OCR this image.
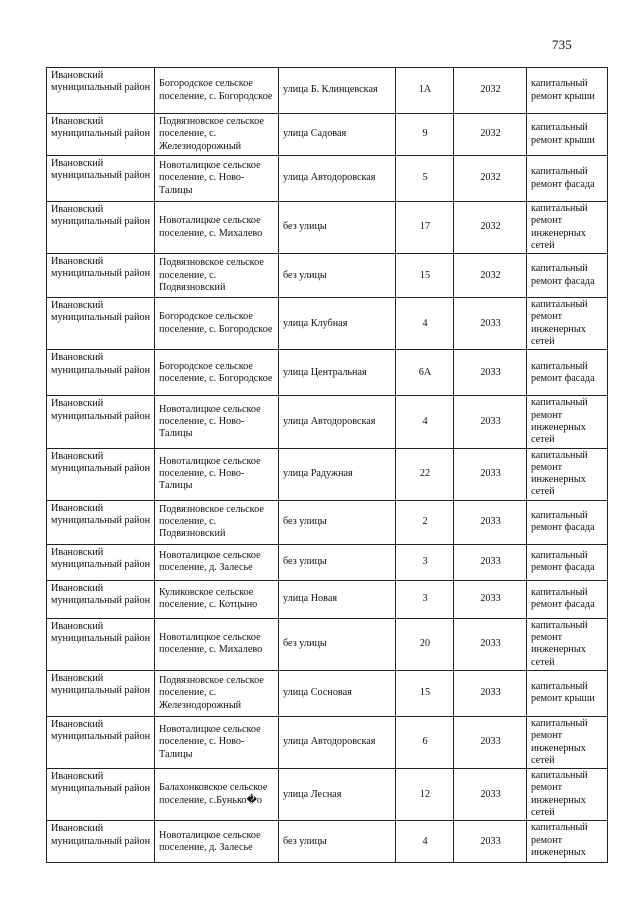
735
Ивановский муниципальный район	Богородское сельское поселение, с. Богородское	улица Б. Клинцевская	1А	2032	капитальный ремонт крыши
Ивановский муниципальный район	Подвязновское сельское поселение, с. Железнодорожный	улица Садовая	9	2032	капитальный ремонт крыши
Ивановский муниципальный район	Новоталицкое сельское поселение, с. Ново-Талицы	улица Автодоровская	5	2032	капитальный ремонт фасада
Ивановский муниципальный район	Новоталицкое сельское поселение, с. Михалево	без улицы	17	2032	капитальный ремонт инженерных сетей
Ивановский муниципальный район	Подвязновское сельское поселение, с. Подвязновский	без улицы	15	2032	капитальный ремонт фасада
Ивановский муниципальный район	Богородское сельское поселение, с. Богородское	улица Клубная	4	2033	капитальный ремонт инженерных сетей
Ивановский муниципальный район	Богородское сельское поселение, с. Богородское	улица Центральная	6А	2033	капитальный ремонт фасада
Ивановский муниципальный район	Новоталицкое сельское поселение, с. Ново-Талицы	улица Автодоровская	4	2033	капитальный ремонт инженерных сетей
Ивановский муниципальный район	Новоталицкое сельское поселение, с. Ново-Талицы	улица Радужная	22	2033	капитальный ремонт инженерных сетей
Ивановский муниципальный район	Подвязновское сельское поселение, с. Подвязновский	без улицы	2	2033	капитальный ремонт фасада
Ивановский муниципальный район	Новоталицкое сельское поселение, д. Залесье	без улицы	3	2033	капитальный ремонт фасада
Ивановский муниципальный район	Куликовское сельское поселение, с. Котцыно	улица Новая	3	2033	капитальный ремонт фасада
Ивановский муниципальный район	Новоталицкое сельское поселение, с. Михалево	без улицы	20	2033	капитальный ремонт инженерных сетей
Ивановский муниципальный район	Подвязновское сельское поселение, с. Железнодорожный	улица Сосновая	15	2033	капитальный ремонт крыши
Ивановский муниципальный район	Новоталицкое сельское поселение, с. Ново-Талицы	улица Автодоровская	6	2033	капитальный ремонт инженерных сетей
Ивановский муниципальный район	Балахонковское сельское поселение, с.Бунько�о	улица Лесная	12	2033	капитальный ремонт инженерных сетей
Ивановский муниципальный район	Новоталицкое сельское поселение, д. Залесье	без улицы	4	2033	капитальный ремонт инженерных
